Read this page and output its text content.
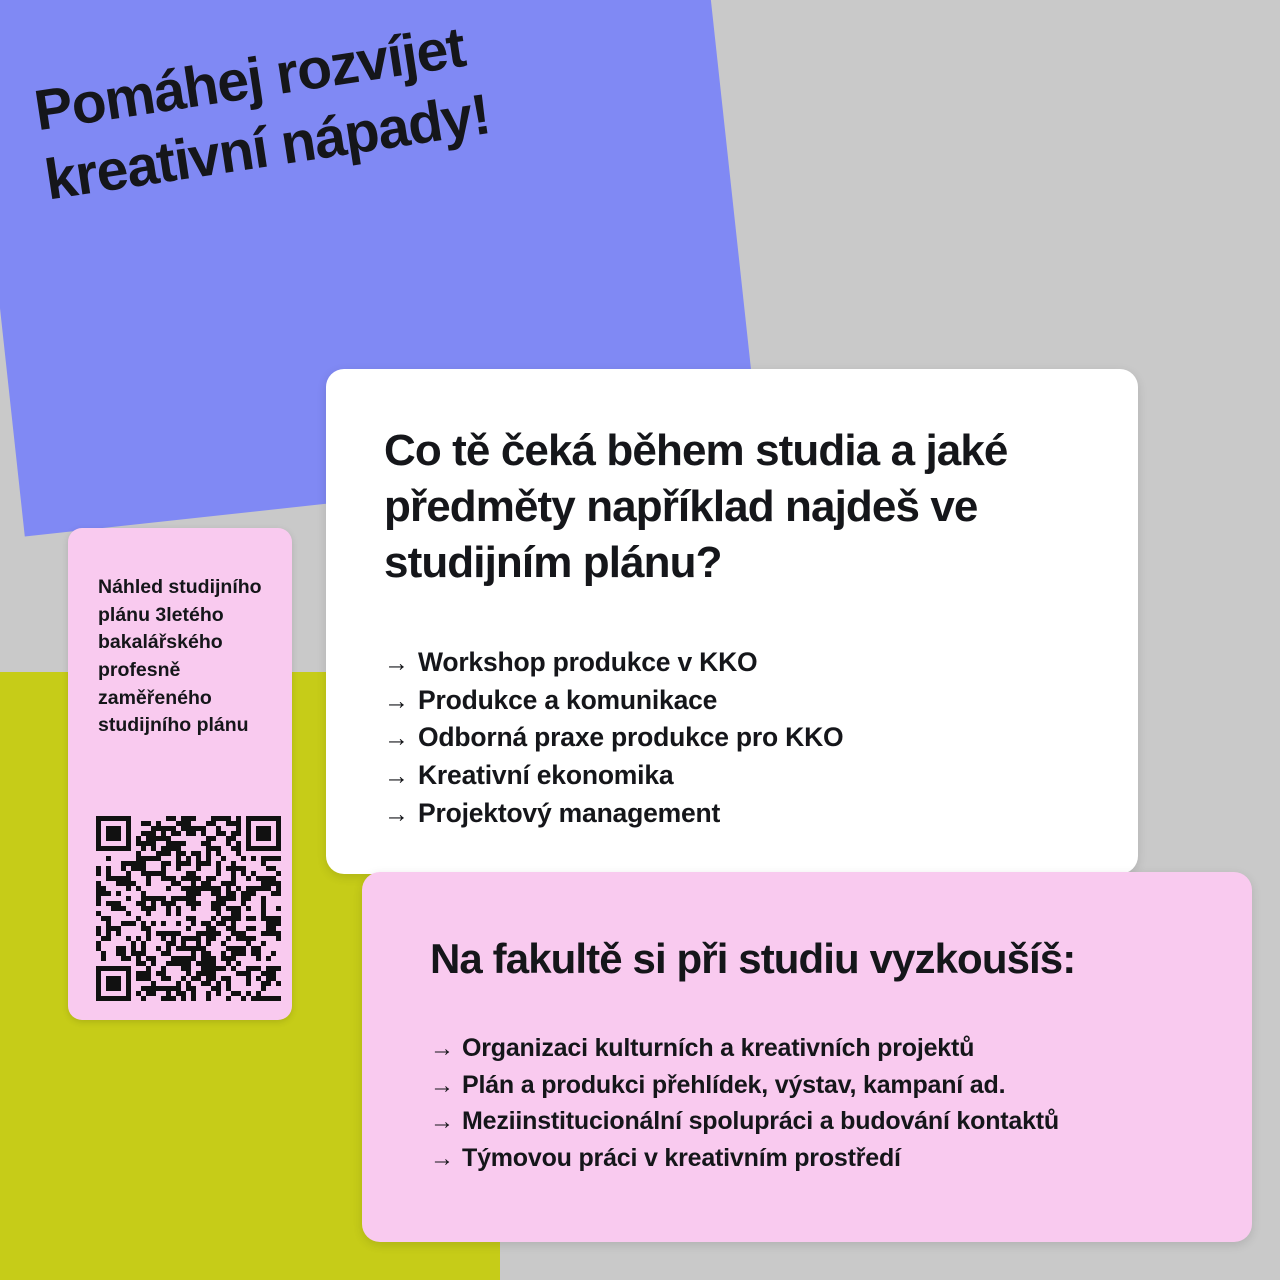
Pomáhej rozvíjet kreativní nápady!
Náhled studijního plánu 3letého bakalářského profesně zaměřeného studijního plánu
Co tě čeká během studia a jaké předměty například najdeš ve studijním plánu?
→ Workshop produkce v KKO
→ Produkce a komunikace
→ Odborná praxe produkce pro KKO
→ Kreativní ekonomika
→ Projektový management
Na fakultě si při studiu vyzkoušíš:
→ Organizaci kulturních a kreativních projektů
→ Plán a produkci přehlídek, výstav, kampaní ad.
→ Meziinstitucionální spolupráci a budování kontaktů
→ Týmovou práci v kreativním prostředí
